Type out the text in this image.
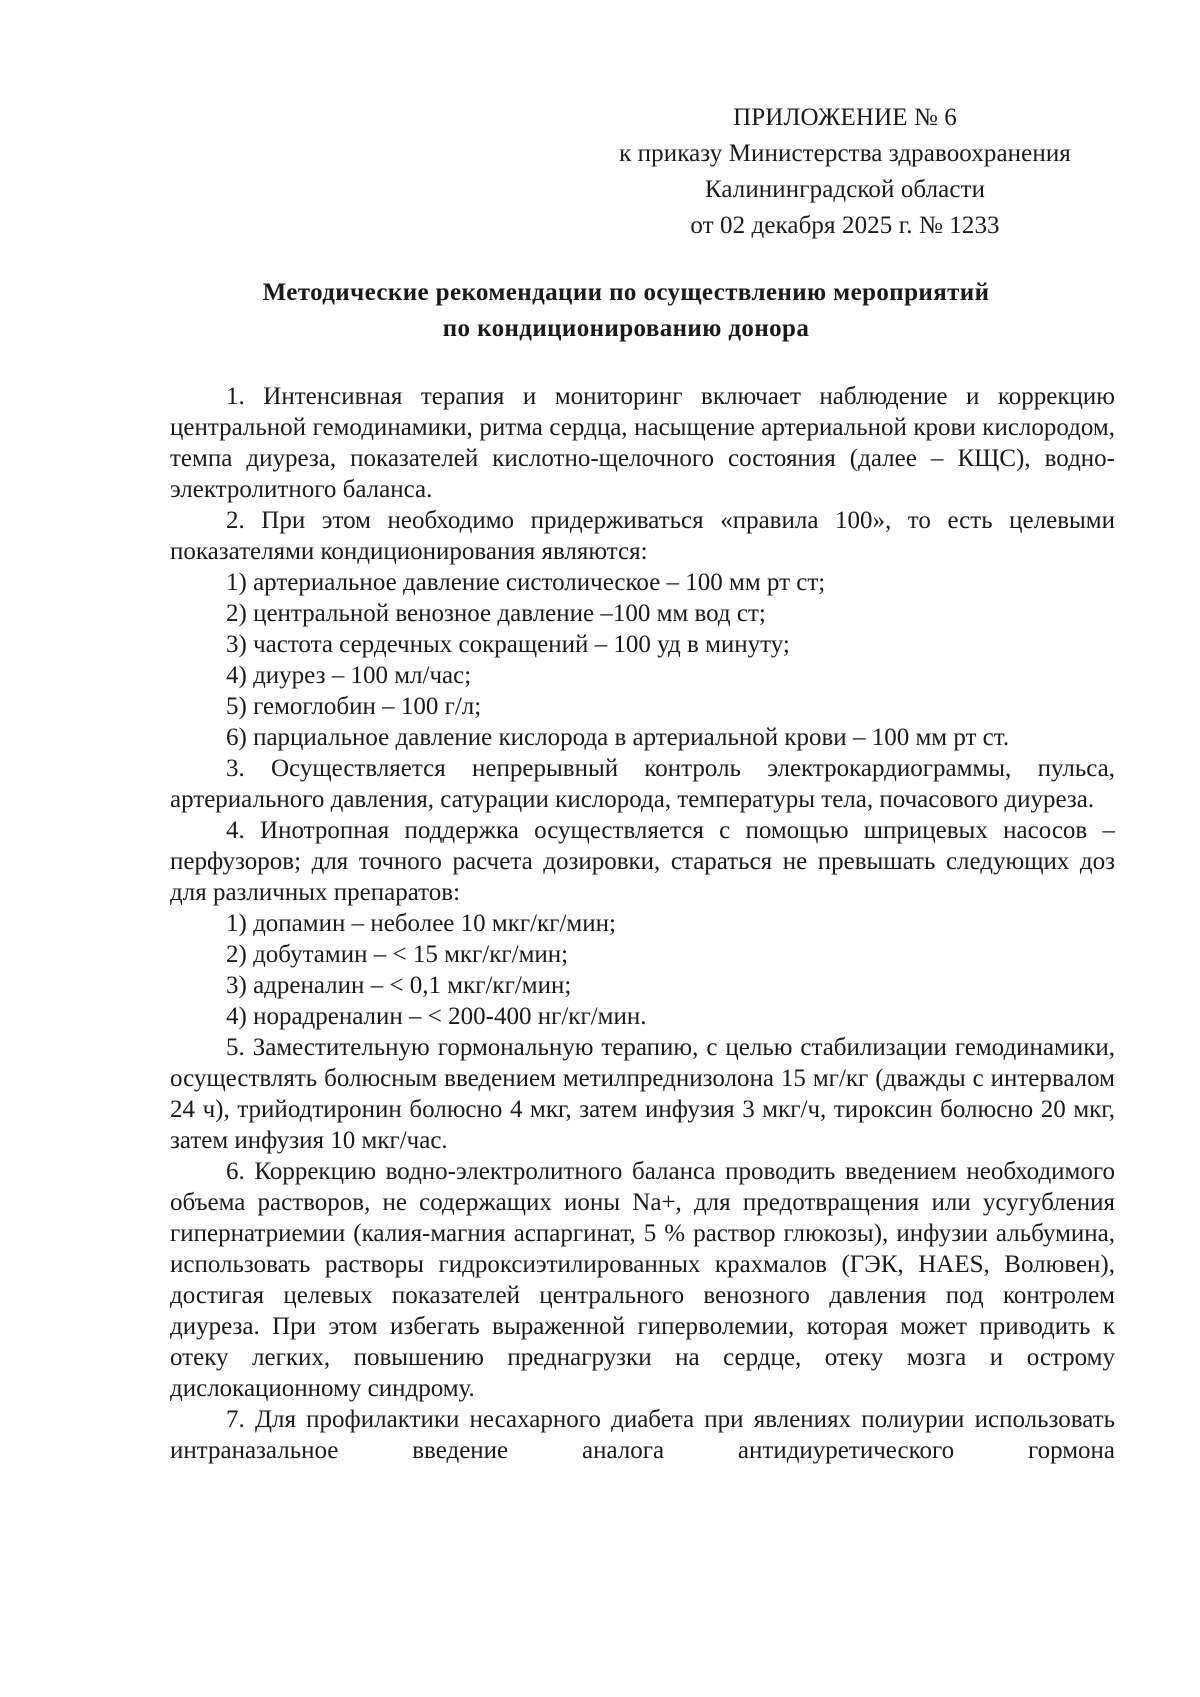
ПРИЛОЖЕНИЕ № 6
к приказу Министерства здравоохранения
Калининградской области
от 02 декабря 2025 г. № 1233
Методические рекомендации по осуществлению мероприятий
по кондиционированию донора

1. Интенсивная терапия и мониторинг включает наблюдение и коррекцию центральной гемодинамики, ритма сердца, насыщение артериальной крови кислородом, темпа диуреза, показателей кислотно-щелочного состояния (далее – КЩС), водно-электролитного баланса.

2. При этом необходимо придерживаться «правила 100», то есть целевыми показателями кондиционирования являются:

1) артериальное давление систолическое – 100 мм рт ст;

2) центральной венозное давление –100 мм вод ст;

3) частота сердечных сокращений – 100 уд в минуту;

4) диурез – 100 мл/час;

5) гемоглобин – 100 г/л;

6) парциальное давление кислорода в артериальной крови – 100 мм рт ст.

3. Осуществляется непрерывный контроль электрокардиограммы, пульса, артериального давления, сатурации кислорода, температуры тела, почасового диуреза.

4. Инотропная поддержка осуществляется с помощью шприцевых насосов – перфузоров; для точного расчета дозировки, стараться не превышать следующих доз для различных препаратов:

1) допамин – неболее 10 мкг/кг/мин;

2) добутамин – < 15 мкг/кг/мин;

3) адреналин – < 0,1 мкг/кг/мин;

4) норадреналин – < 200-400 нг/кг/мин.

5. Заместительную гормональную терапию, с целью стабилизации гемодинамики, осуществлять болюсным введением метилпреднизолона 15 мг/кг (дважды с интервалом 24 ч), трийодтиронин болюсно 4 мкг, затем инфузия 3 мкг/ч, тироксин болюсно 20 мкг, затем инфузия 10 мкг/час.

6. Коррекцию водно-электролитного баланса проводить введением необходимого объема растворов, не содержащих ионы Na+, для предотвращения или усугубления гипернатриемии (калия-магния аспаргинат, 5 % раствор глюкозы), инфузии альбумина, использовать растворы гидроксиэтилированных крахмалов (ГЭК, HAES, Волювен), достигая целевых показателей центрального венозного давления под контролем диуреза. При этом избегать выраженной гиперволемии, которая может приводить к отеку легких, повышению преднагрузки на сердце, отеку мозга и острому дислокационному синдрому.

7. Для профилактики несахарного диабета при явлениях полиурии использовать интраназальное введение аналога антидиуретического гормона
